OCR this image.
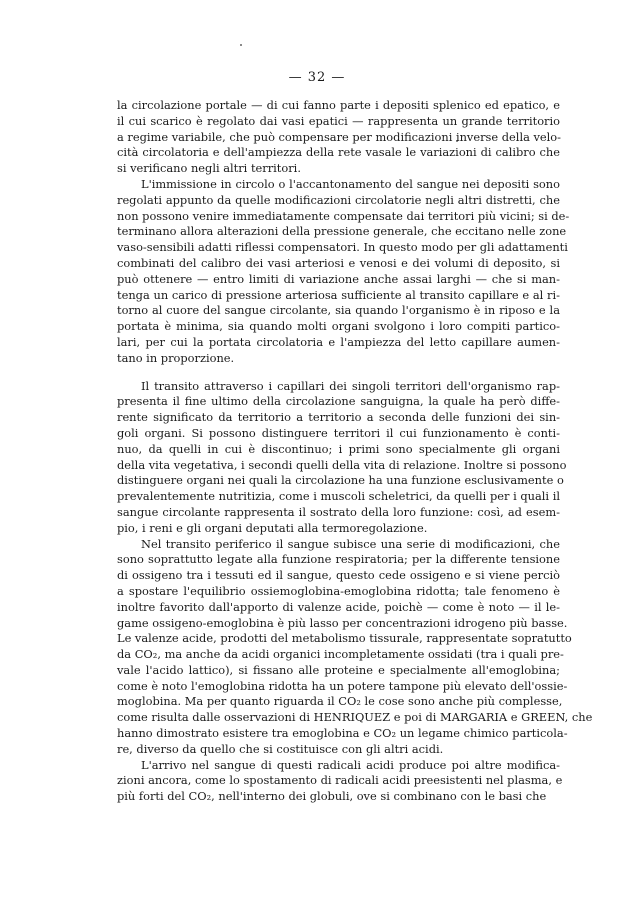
— 32 —
la circolazione portale — di cui fanno parte i depositi splenico ed epatico, e
il cui scarico è regolato dai vasi epatici — rappresenta un grande territorio
a regime variabile, che può compensare per modificazioni inverse della velo-
cità circolatoria e dell'ampiezza della rete vasale le variazioni di calibro che
si verificano negli altri territori.
L'immissione in circolo o l'accantonamento del sangue nei depositi sono
regolati appunto da quelle modificazioni circolatorie negli altri distretti, che
non possono venire immediatamente compensate dai territori più vicini; si de-
terminano allora alterazioni della pressione generale, che eccitano nelle zone
vaso-sensibili adatti riflessi compensatori. In questo modo per gli adattamenti
combinati del calibro dei vasi arteriosi e venosi e dei volumi di deposito, si
può ottenere — entro limiti di variazione anche assai larghi — che si man-
tenga un carico di pressione arteriosa sufficiente al transito capillare e al ri-
torno al cuore del sangue circolante, sia quando l'organismo è in riposo e la
portata è minima, sia quando molti organi svolgono i loro compiti partico-
lari, per cui la portata circolatoria e l'ampiezza del letto capillare aumen-
tano in proporzione.
Il transito attraverso i capillari dei singoli territori dell'organismo rap-
presenta il fine ultimo della circolazione sanguigna, la quale ha però diffe-
rente significato da territorio a territorio a seconda delle funzioni dei sin-
goli organi. Si possono distinguere territori il cui funzionamento è conti-
nuo, da quelli in cui è discontinuo; i primi sono specialmente gli organi
della vita vegetativa, i secondi quelli della vita di relazione. Inoltre si possono
distinguere organi nei quali la circolazione ha una funzione esclusivamente o
prevalentemente nutritizia, come i muscoli scheletrici, da quelli per i quali il
sangue circolante rappresenta il sostrato della loro funzione: così, ad esem-
pio, i reni e gli organi deputati alla termoregolazione.
Nel transito periferico il sangue subisce una serie di modificazioni, che
sono soprattutto legate alla funzione respiratoria; per la differente tensione
di ossigeno tra i tessuti ed il sangue, questo cede ossigeno e si viene perciò
a spostare l'equilibrio ossiemoglobina-emoglobina ridotta; tale fenomeno è
inoltre favorito dall'apporto di valenze acide, poichè — come è noto — il le-
game ossigeno-emoglobina è più lasso per concentrazioni idrogeno più basse.
Le valenze acide, prodotti del metabolismo tissurale, rappresentate sopratutto
da CO₂, ma anche da acidi organici incompletamente ossidati (tra i quali pre-
vale l'acido lattico), si fissano alle proteine e specialmente all'emoglobina;
come è noto l'emoglobina ridotta ha un potere tampone più elevato dell'ossie-
moglobina. Ma per quanto riguarda il CO₂ le cose sono anche più complesse,
come risulta dalle osservazioni di HENRIQUEZ e poi di MARGARIA e GREEN, che
hanno dimostrato esistere tra emoglobina e CO₂ un legame chimico particola-
re, diverso da quello che si costituisce con gli altri acidi.
L'arrivo nel sangue di questi radicali acidi produce poi altre modifica-
zioni ancora, come lo spostamento di radicali acidi preesistenti nel plasma, e
più forti del CO₂, nell'interno dei globuli, ove si combinano con le basi che
